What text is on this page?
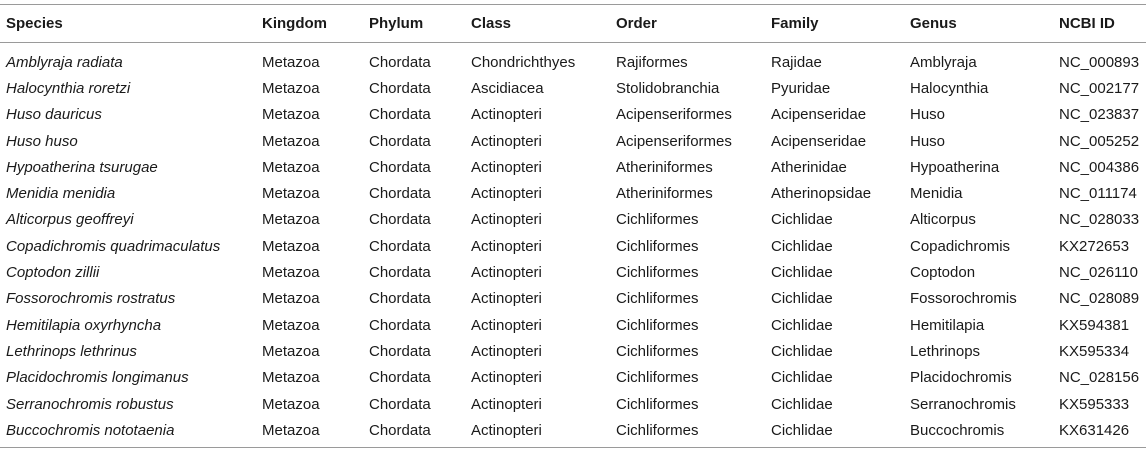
Species	Kingdom	Phylum	Class	Order	Family	Genus	NCBI ID
Amblyraja radiata	Metazoa	Chordata	Chondrichthyes	Rajiformes	Rajidae	Amblyraja	NC_000893
Halocynthia roretzi	Metazoa	Chordata	Ascidiacea	Stolidobranchia	Pyuridae	Halocynthia	NC_002177
Huso dauricus	Metazoa	Chordata	Actinopteri	Acipenseriformes	Acipenseridae	Huso	NC_023837
Huso huso	Metazoa	Chordata	Actinopteri	Acipenseriformes	Acipenseridae	Huso	NC_005252
Hypoatherina tsurugae	Metazoa	Chordata	Actinopteri	Atheriniformes	Atherinidae	Hypoatherina	NC_004386
Menidia menidia	Metazoa	Chordata	Actinopteri	Atheriniformes	Atherinopsidae	Menidia	NC_011174
Alticorpus geoffreyi	Metazoa	Chordata	Actinopteri	Cichliformes	Cichlidae	Alticorpus	NC_028033
Copadichromis quadrimaculatus	Metazoa	Chordata	Actinopteri	Cichliformes	Cichlidae	Copadichromis	KX272653
Coptodon zillii	Metazoa	Chordata	Actinopteri	Cichliformes	Cichlidae	Coptodon	NC_026110
Fossorochromis rostratus	Metazoa	Chordata	Actinopteri	Cichliformes	Cichlidae	Fossorochromis	NC_028089
Hemitilapia oxyrhyncha	Metazoa	Chordata	Actinopteri	Cichliformes	Cichlidae	Hemitilapia	KX594381
Lethrinops lethrinus	Metazoa	Chordata	Actinopteri	Cichliformes	Cichlidae	Lethrinops	KX595334
Placidochromis longimanus	Metazoa	Chordata	Actinopteri	Cichliformes	Cichlidae	Placidochromis	NC_028156
Serranochromis robustus	Metazoa	Chordata	Actinopteri	Cichliformes	Cichlidae	Serranochromis	KX595333
Buccochromis nototaenia	Metazoa	Chordata	Actinopteri	Cichliformes	Cichlidae	Buccochromis	KX631426
